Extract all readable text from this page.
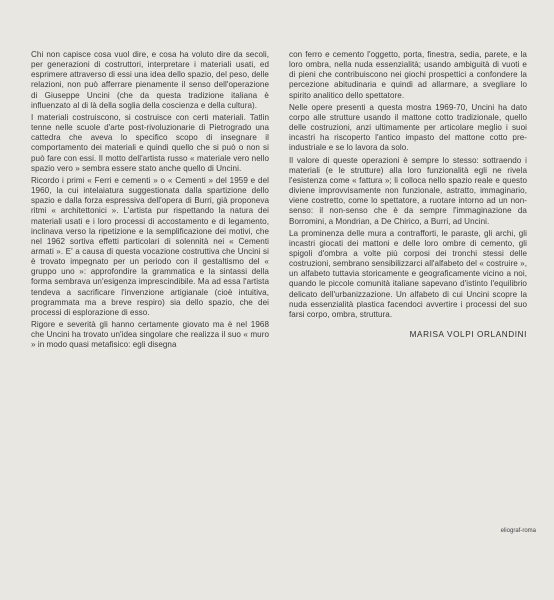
Chi non capisce cosa vuol dire, e cosa ha voluto dire da secoli, per generazioni di costruttori, interpretare i materiali usati, ed esprimere attraverso di essi una idea dello spazio, del peso, delle relazioni, non può afferrare pienamente il senso dell'operazione di Giuseppe Uncini (che da questa tradizione italiana è influenzato al di là della soglia della coscienza e della cultura).

I materiali costruiscono, si costruisce con certi materiali. Tatlin tenne nelle scuole d'arte post-rivoluzionarie di Pietrogrado una cattedra che aveva lo specifico scopo di insegnare il comportamento dei materiali e quindi quello che si può o non si può fare con essi. Il motto dell'artista russo « materiale vero nello spazio vero » sembra essere stato anche quello di Uncini.

Ricordo i primi « Ferri e cementi » o « Cementi » del 1959 e del 1960, la cui intelaiatura suggestionata dalla spartizione dello spazio e dalla forza espressiva dell'opera di Burri, già proponeva ritmi « architettonici ». L'artista pur rispettando la natura dei materiali usati e i loro processi di accostamento e di legamento, inclinava verso la ripetizione e la semplificazione dei motivi, che nel 1962 sortiva effetti particolari di solennità nei « Cementi armati ». E' a causa di questa vocazione costruttiva che Uncini si è trovato impegnato per un periodo con il gestaltismo del « gruppo uno »: approfondire la grammatica e la sintassi della forma sembrava un'esigenza imprescindibile. Ma ad essa l'artista tendeva a sacrificare l'invenzione artigianale (cioè intuitiva, programmata ma a breve respiro) sia dello spazio, che dei processi di esplorazione di esso.

Rigore e severità gli hanno certamente giovato ma è nel 1968 che Uncini ha trovato un'idea singolare che realizza il suo « muro » in modo quasi metafisico: egli disegna

con ferro e cemento l'oggetto, porta, finestra, sedia, parete, e la loro ombra, nella nuda essenzialità; usando ambiguità di vuoti e di pieni che contribuiscono nei giochi prospettici a confondere la percezione abitudinaria e quindi ad allarmare, a svegliare lo spirito analitico dello spettatore.

Nelle opere presenti a questa mostra 1969-70, Uncini ha dato corpo alle strutture usando il mattone cotto tradizionale, quello delle costruzioni, anzi ultimamente per articolare meglio i suoi incastri ha riscoperto l'antico impasto del mattone cotto pre-industriale e se lo lavora da solo.

Il valore di queste operazioni è sempre lo stesso: sottraendo i materiali (e le strutture) alla loro funzionalità egli ne rivela l'esistenza come « fattura »; li colloca nello spazio reale e questo diviene improvvisamente non funzionale, astratto, immaginario, viene costretto, come lo spettatore, a ruotare intorno ad un non-senso: il non-senso che è da sempre l'immaginazione da Borromini, a Mondrian, a De Chirico, a Burri, ad Uncini.

La prominenza delle mura a contrafforti, le paraste, gli archi, gli incastri giocati dei mattoni e delle loro ombre di cemento, gli spigoli d'ombra a volte più corposi dei tronchi stessi delle costruzioni, sembrano sensibilizzarci all'alfabeto del « costruire », un alfabeto tuttavia storicamente e geograficamente vicino a noi, quando le piccole comunità italiane sapevano d'istinto l'equilibrio delicato dell'urbanizzazione. Un alfabeto di cui Uncini scopre la nuda essenzialità plastica facendoci avvertire i processi del suo farsi corpo, ombra, struttura.

MARISA VOLPI ORLANDINI
eliograf-roma
